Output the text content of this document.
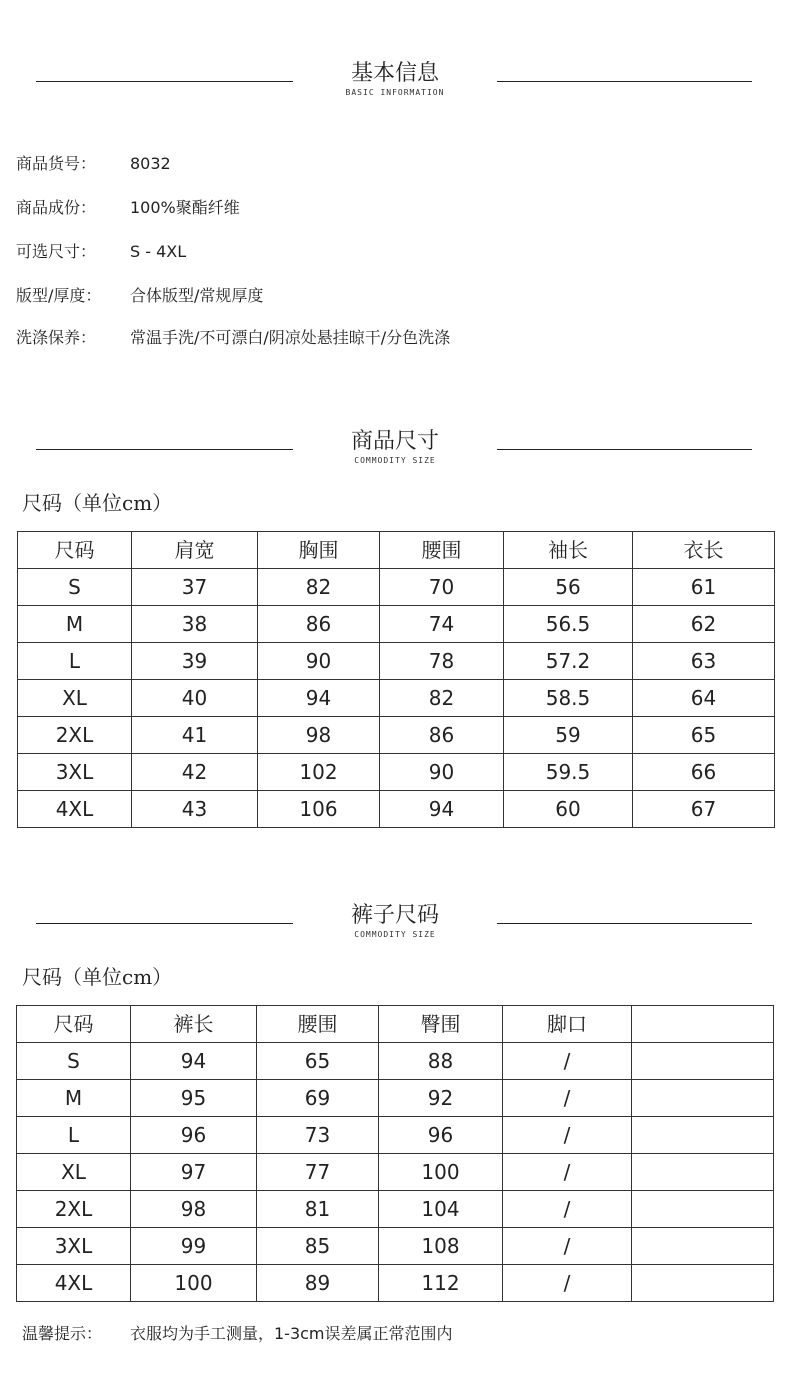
基本信息
BASIC INFORMATION
商品货号： 8032
商品成份： 100%聚酯纤维
可选尺寸： S - 4XL
版型/厚度： 合体版型/常规厚度
洗涤保养： 常温手洗/不可漂白/阴凉处悬挂晾干/分色洗涤
商品尺寸
COMMODITY SIZE
尺码（单位cm）
尺码	肩宽	胸围	腰围	袖长	衣长
S	37	82	70	56	61
M	38	86	74	56.5	62
L	39	90	78	57.2	63
XL	40	94	82	58.5	64
2XL	41	98	86	59	65
3XL	42	102	90	59.5	66
4XL	43	106	94	60	67
裤子尺码
COMMODITY SIZE
尺码（单位cm）
尺码	裤长	腰围	臀围	脚口	
S	94	65	88	/	
M	95	69	92	/	
L	96	73	96	/	
XL	97	77	100	/	
2XL	98	81	104	/	
3XL	99	85	108	/	
4XL	100	89	112	/	
温馨提示： 衣服均为手工测量，1-3cm误差属正常范围内
